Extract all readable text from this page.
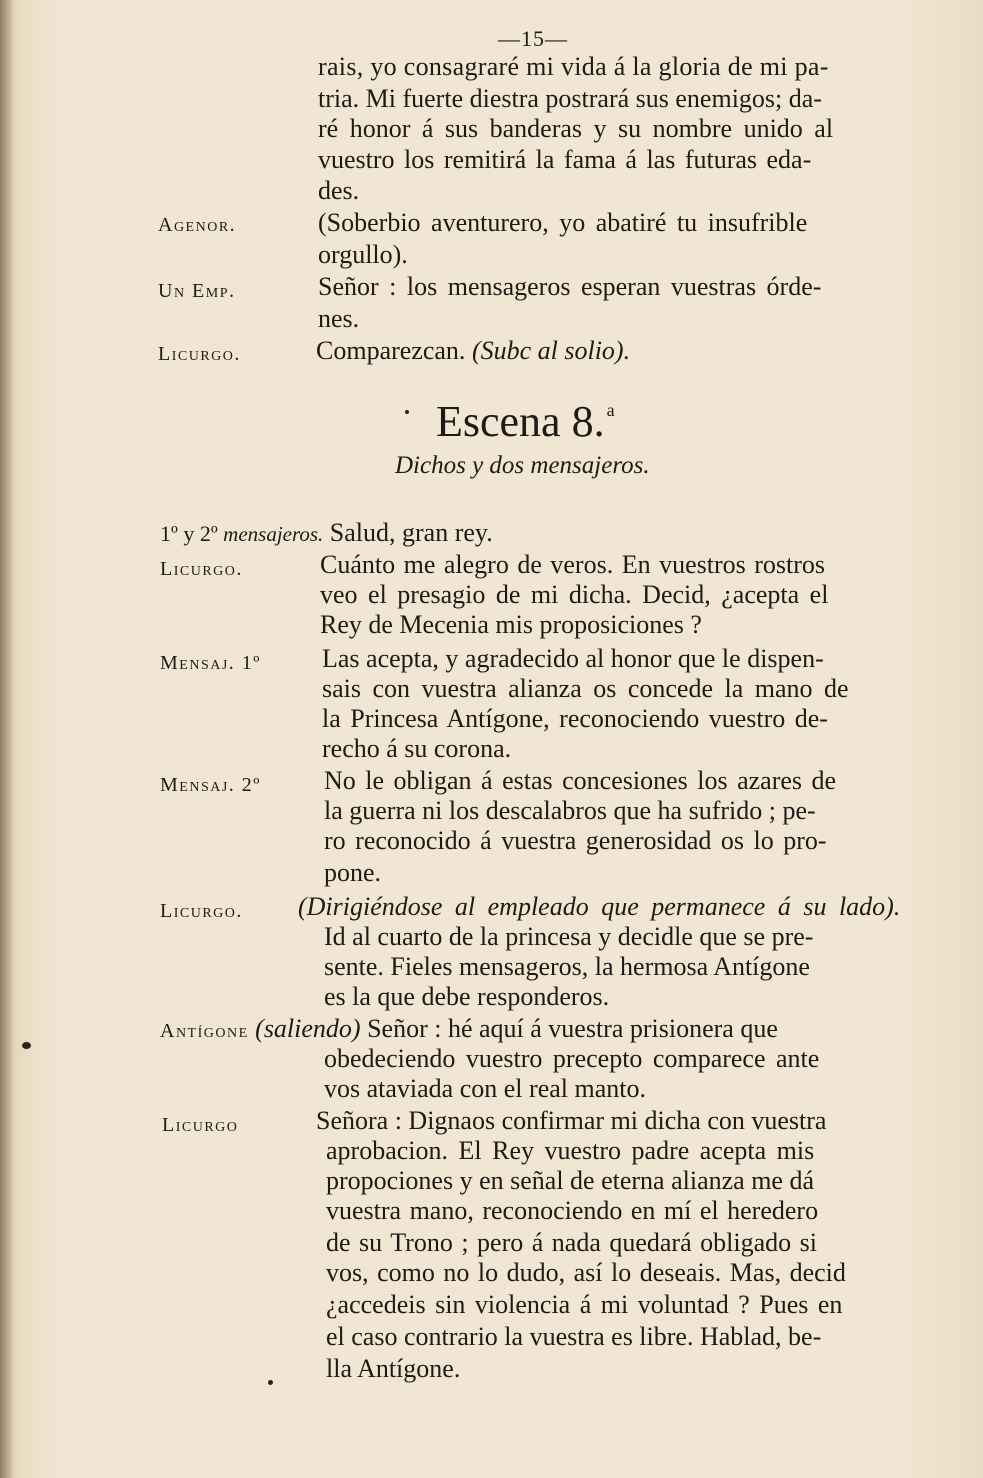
—15—
rais, yo consagraré mi vida á la gloria de mi pa-
tria. Mi fuerte diestra postrará sus enemigos; da-
ré honor á sus banderas y su nombre unido al
vuestro los remitirá la fama á las futuras eda-
des.
Agenor.	(Soberbio aventurero, yo abatiré tu insufrible
orgullo).
Un Emp.	Señor : los mensageros esperan vuestras órde-
nes.
Licurgo.	Comparezcan. (Subc al solio).
Escena 8. $^a$
Dichos y dos mensajeros.
1º y 2º mensajeros. Salud, gran rey.
Licurgo.	Cuánto me alegro de veros. En vuestros rostros
veo el presagio de mi dicha. Decid, ¿acepta el
Rey de Mecenia mis proposiciones ?
Mensaj. 1º Las acepta, y agradecido al honor que le dispen-
sais con vuestra alianza os concede la mano de
la Princesa Antígone, reconociendo vuestro de-
recho á su corona.
Mensaj. 2º No le obligan á estas concesiones los azares de
la guerra ni los descalabros que ha sufrido ; pe-
ro reconocido á vuestra generosidad os lo pro-
pone.
Licurgo. (Dirigiéndose al empleado que permanece á su lado).
Id al cuarto de la princesa y decidle que se pre-
sente. Fieles mensageros, la hermosa Antígone
es la que debe responderos.
Antígone (saliendo) Señor : hé aquí á vuestra prisionera que
obedeciendo vuestro precepto comparece ante
vos ataviada con el real manto.
Licurgo	Señora : Dignaos confirmar mi dicha con vuestra
aprobacion. El Rey vuestro padre acepta mis
propociones y en señal de eterna alianza me dá
vuestra mano, reconociendo en mí el heredero
de su Trono ; pero á nada quedará obligado si
vos, como no lo dudo, así lo deseais. Mas, decid
¿accedeis sin violencia á mi voluntad ? Pues en
el caso contrario la vuestra es libre. Hablad, be-
lla Antígone.
